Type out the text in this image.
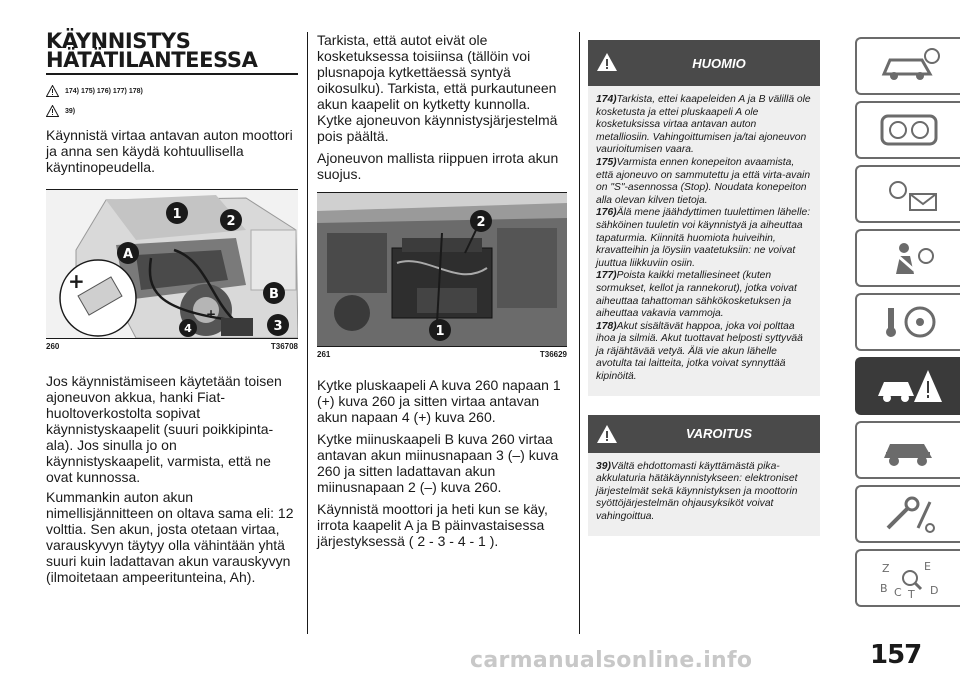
KÄYNNISTYS
HÄTÄTILANTEESSA
174) 175) 176) 177) 178)
39)

Käynnistä virtaa antavan auton moottori ja anna sen käydä kohtuullisella käyntinopeudella.

+
+
1	2
A
B
3
4
260	T36708

Jos käynnistämiseen käytetään toisen ajoneuvon akkua, hanki Fiat-huoltoverkostolta sopivat käynnistyskaapelit (suuri poikkipinta-ala). Jos sinulla jo on käynnistyskaapelit, varmista, että ne ovat kunnossa.

Kummankin auton akun nimellisjännitteen on oltava sama eli: 12 volttia. Sen akun, josta otetaan virtaa, varauskyvyn täytyy olla vähintään yhtä suuri kuin ladattavan akun varauskyvyn (ilmoitetaan ampeeritunteina, Ah).

Tarkista, että autot eivät ole kosketuksessa toisiinsa (tällöin voi plusnapoja kytkettäessä syntyä oikosulku). Tarkista, että purkautuneen akun kaapelit on kytketty kunnolla. Kytke ajoneuvon käynnistysjärjestelmä pois päältä.

Ajoneuvon mallista riippuen irrota akun suojus.

2
1
261	T36629

Kytke pluskaapeli A kuva 260 napaan 1 (+) kuva 260 ja sitten virtaa antavan akun napaan 4 (+) kuva 260.

Kytke miinuskaapeli B kuva 260 virtaa antavan akun miinusnapaan 3 (–) kuva 260 ja sitten ladattavan akun miinusnapaan 2 (–) kuva 260.

Käynnistä moottori ja heti kun se käy, irrota kaapelit A ja B päinvastaisessa järjestyksessä ( 2 - 3 - 4 - 1 ).

HUOMIO
174)Tarkista, ettei kaapeleiden A ja B välillä ole kosketusta ja ettei pluskaapeli A ole kosketuksissa virtaa antavan auton metalliosiin. Vahingoittumisen ja/tai ajoneuvon vaurioitumisen vaara.
175)Varmista ennen konepeiton avaamista, että ajoneuvo on sammutettu ja että virta-avain on "S"-asennossa (Stop). Noudata konepeiton alla olevan kilven tietoja.
176)Älä mene jäähdyttimen tuulettimen lähelle: sähköinen tuuletin voi käynnistyä ja aiheuttaa tapaturmia. Kiinnitä huomiota huiveihin, kravatteihin ja löysiin vaatetuksiin: ne voivat juuttua liikkuviin osiin.
177)Poista kaikki metalliesineet (kuten sormukset, kellot ja rannekorut), jotka voivat aiheuttaa tahattoman sähkökosketuksen ja aiheuttaa vakavia vammoja.
178)Akut sisältävät happoa, joka voi polttaa ihoa ja silmiä. Akut tuottavat helposti syttyvää ja räjähtävää vetyä. Älä vie akun lähelle avotulta tai laitteita, jotka voivat synnyttää kipinöitä.
VAROITUS
39)Vältä ehdottomasti käyttämästä pika-akkulaturia hätäkäynnistykseen: elektroniset järjestelmät sekä käynnistyksen ja moottorin syöttöjärjestelmän ohjausyksiköt voivat vahingoittua.
Z	E
B C T D
carmanualsonline.info	157
